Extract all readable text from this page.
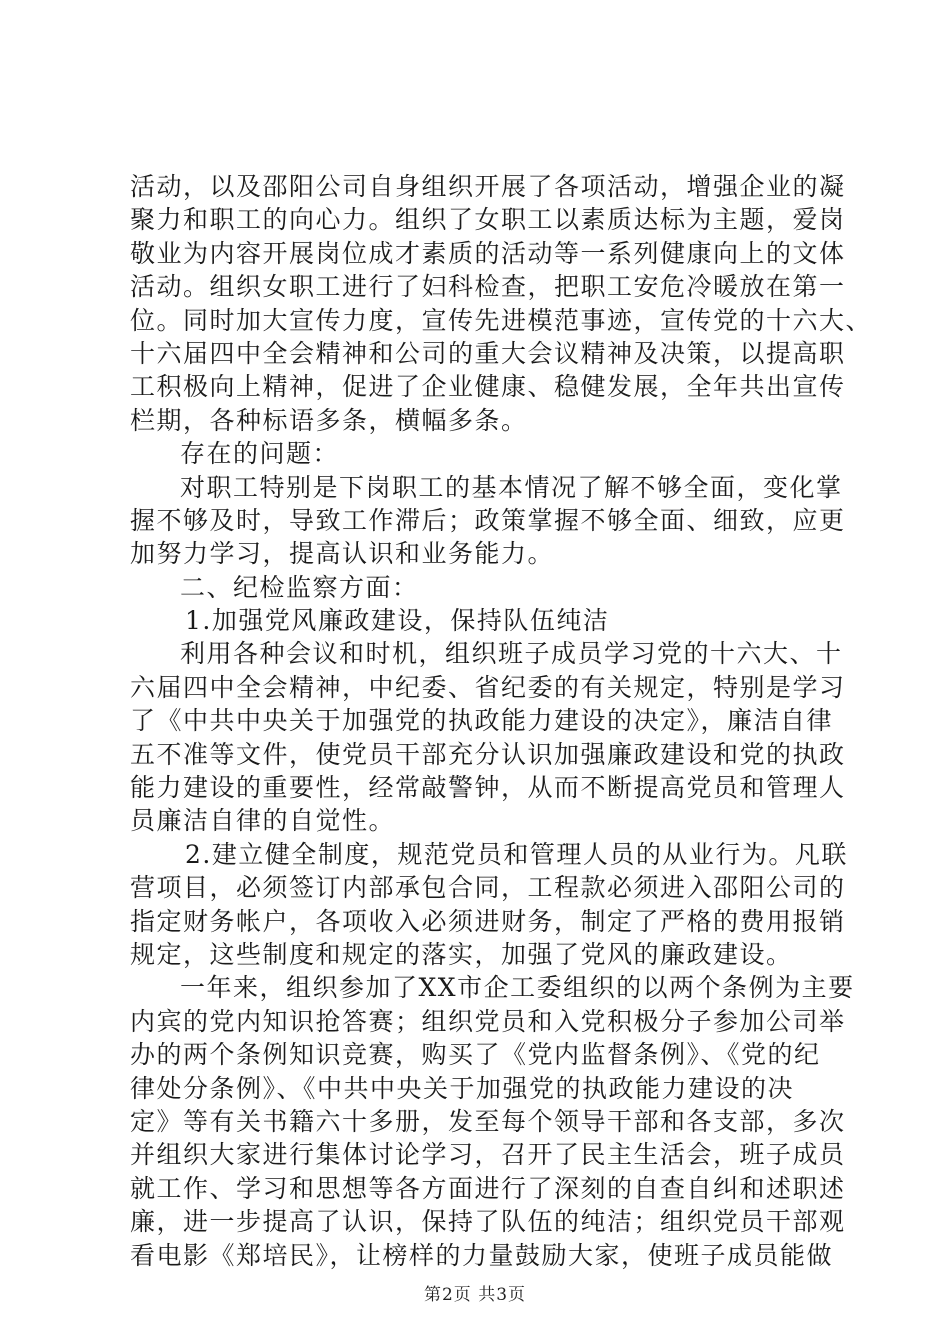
活动，以及邵阳公司自身组织开展了各项活动，增强企业的凝
聚力和职工的向心力。组织了女职工以素质达标为主题，爱岗
敬业为内容开展岗位成才素质的活动等一系列健康向上的文体
活动。组织女职工进行了妇科检查，把职工安危冷暖放在第一
位。同时加大宣传力度，宣传先进模范事迹，宣传党的十六大、
十六届四中全会精神和公司的重大会议精神及决策，以提高职
工积极向上精神，促进了企业健康、稳健发展，全年共出宣传
栏期，各种标语多条，横幅多条。

存在的问题：

对职工特别是下岗职工的基本情况了解不够全面，变化掌
握不够及时，导致工作滞后；政策掌握不够全面、细致，应更
加努力学习，提高认识和业务能力。

二、纪检监察方面：

1.加强党风廉政建设，保持队伍纯洁

利用各种会议和时机，组织班子成员学习党的十六大、十
六届四中全会精神，中纪委、省纪委的有关规定，特别是学习
了《中共中央关于加强党的执政能力建设的决定》，廉洁自律
五不准等文件，使党员干部充分认识加强廉政建设和党的执政
能力建设的重要性，经常敲警钟，从而不断提高党员和管理人
员廉洁自律的自觉性。

2.建立健全制度，规范党员和管理人员的从业行为。凡联
营项目，必须签订内部承包合同，工程款必须进入邵阳公司的
指定财务帐户，各项收入必须进财务，制定了严格的费用报销
规定，这些制度和规定的落实，加强了党风的廉政建设。

一年来，组织参加了XX市企工委组织的以两个条例为主要
内宾的党内知识抢答赛；组织党员和入党积极分子参加公司举
办的两个条例知识竞赛，购买了《党内监督条例》、《党的纪
律处分条例》、《中共中央关于加强党的执政能力建设的决
定》等有关书籍六十多册，发至每个领导干部和各支部，多次
并组织大家进行集体讨论学习，召开了民主生活会，班子成员
就工作、学习和思想等各方面进行了深刻的自查自纠和述职述
廉，进一步提高了认识，保持了队伍的纯洁；组织党员干部观
看电影《郑培民》，让榜样的力量鼓励大家，使班子成员能做

第2页 共3页
